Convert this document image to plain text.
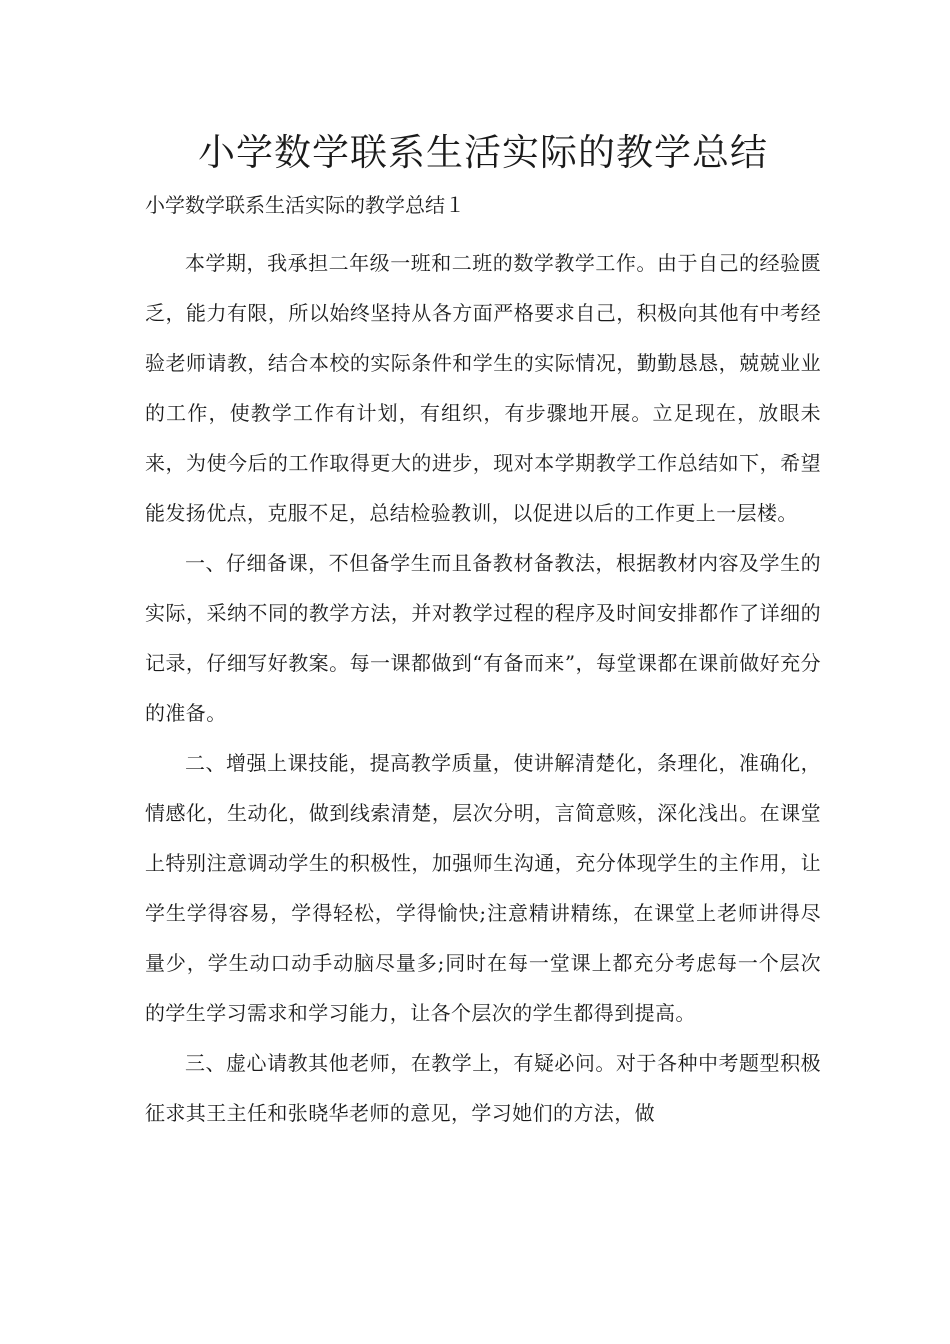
小学数学联系生活实际的教学总结
小学数学联系生活实际的教学总结１

本学期，我承担二年级一班和二班的数学教学工作。由于自己的经验匮乏，能力有限，所以始终坚持从各方面严格要求自己，积极向其他有中考经验老师请教，结合本校的实际条件和学生的实际情况，勤勤恳恳，兢兢业业的工作，使教学工作有计划，有组织，有步骤地开展。立足现在，放眼未来，为使今后的工作取得更大的进步，现对本学期教学工作总结如下，希望能发扬优点，克服不足，总结检验教训，以促进以后的工作更上一层楼。

一、仔细备课，不但备学生而且备教材备教法，根据教材内容及学生的实际，采纳不同的教学方法，并对教学过程的程序及时间安排都作了详细的记录，仔细写好教案。每一课都做到“有备而来”，每堂课都在课前做好充分的准备。

二、增强上课技能，提高教学质量，使讲解清楚化，条理化，准确化，情感化，生动化，做到线索清楚，层次分明，言简意赅，深化浅出。在课堂上特别注意调动学生的积极性，加强师生沟通，充分体现学生的主作用，让学生学得容易，学得轻松，学得愉快;注意精讲精练，在课堂上老师讲得尽量少，学生动口动手动脑尽量多;同时在每一堂课上都充分考虑每一个层次的学生学习需求和学习能力，让各个层次的学生都得到提高。

三、虚心请教其他老师，在教学上，有疑必问。对于各种中考题型积极征求其王主任和张晓华老师的意见，学习她们的方法，做
